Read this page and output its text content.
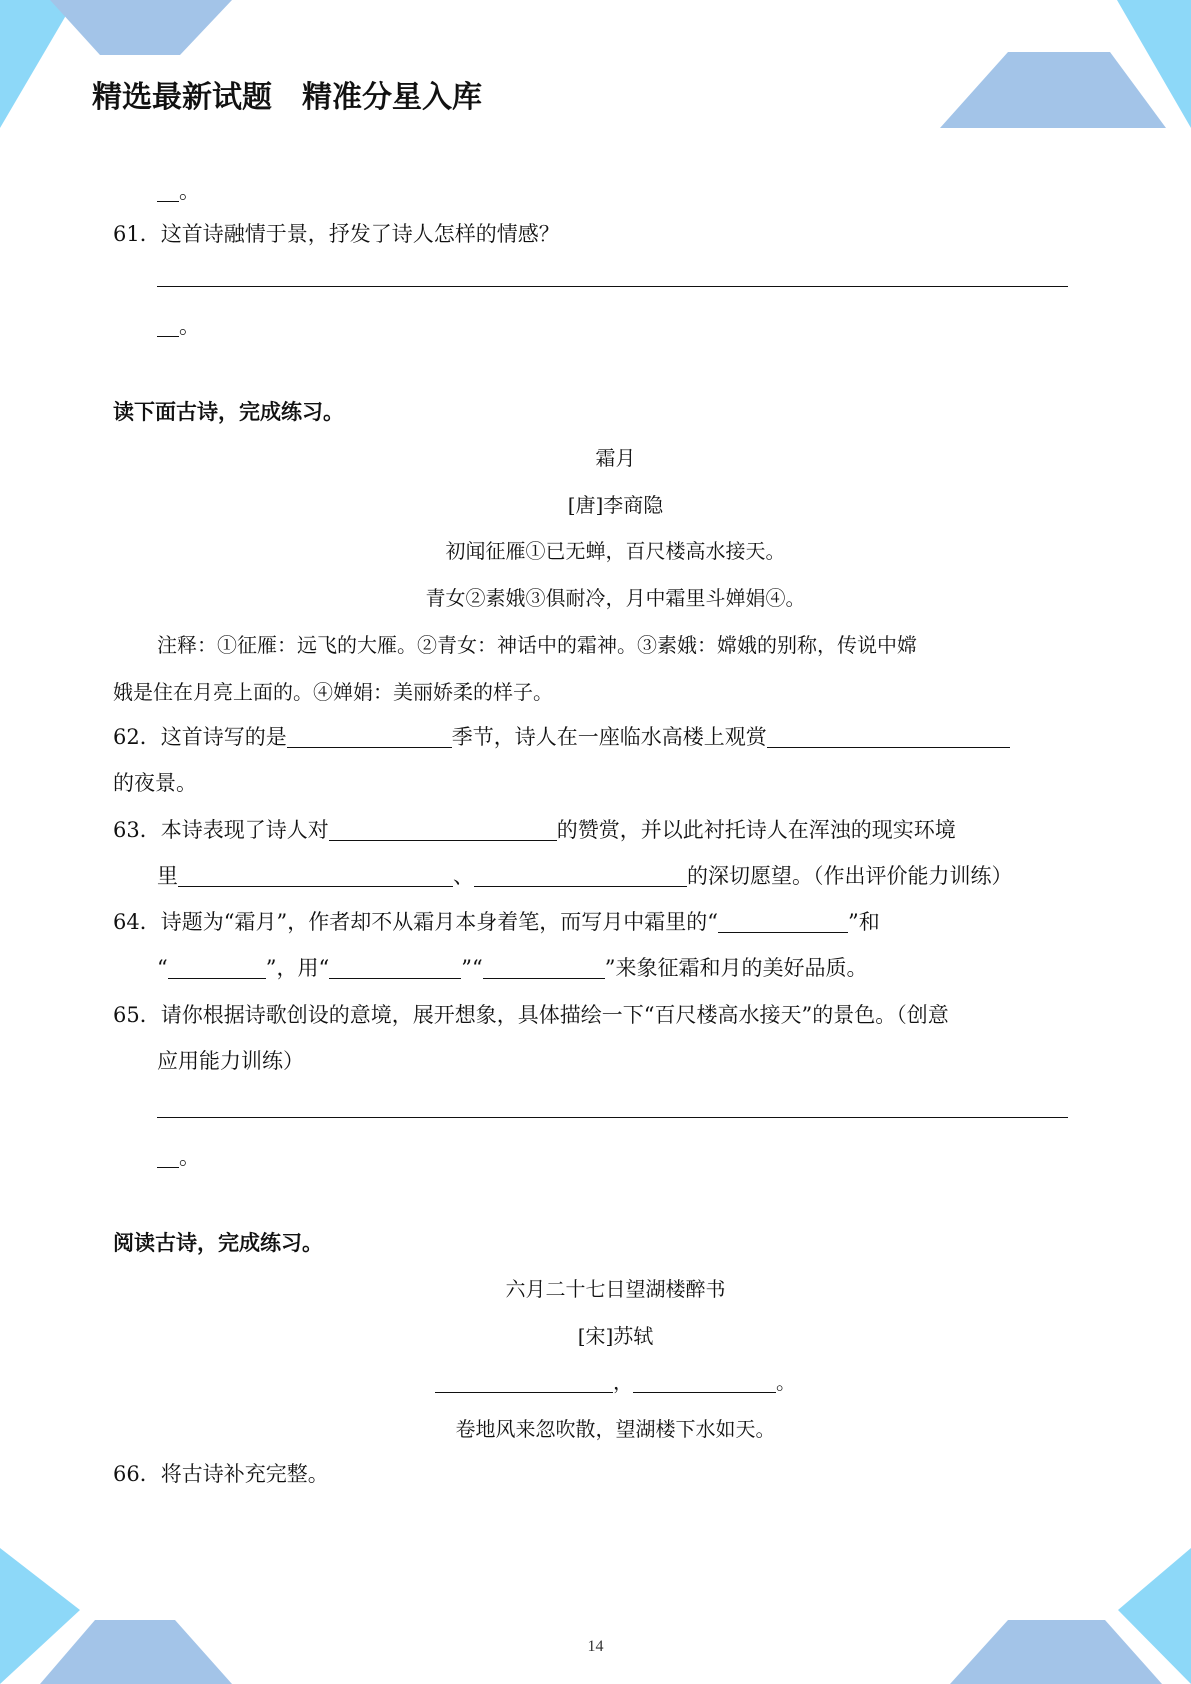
精选最新试题　精准分星入库
。
61．这首诗融情于景，抒发了诗人怎样的情感？
。
读下面古诗，完成练习。
霜月
[唐]李商隐
初闻征雁①已无蝉，百尺楼高水接天。
青女②素娥③俱耐冷，月中霜里斗婵娟④。
注释：①征雁：远飞的大雁。②青女：神话中的霜神。③素娥：嫦娥的别称，传说中嫦
娥是住在月亮上面的。④婵娟：美丽娇柔的样子。
62．这首诗写的是	季节，诗人在一座临水高楼上观赏
的夜景。
63．本诗表现了诗人对	的赞赏，并以此衬托诗人在浑浊的现实环境
里	、	的深切愿望。（作出评价能力训练）
64．诗题为“霜月”，作者却不从霜月本身着笔，而写月中霜里的“	”和
“	”，用“	”“	”来象征霜和月的美好品质。
65．请你根据诗歌创设的意境，展开想象，具体描绘一下“百尺楼高水接天”的景色。（创意
应用能力训练）
。
阅读古诗，完成练习。
六月二十七日望湖楼醉书
[宋]苏轼
，	。
卷地风来忽吹散，望湖楼下水如天。
66．将古诗补充完整。
14
